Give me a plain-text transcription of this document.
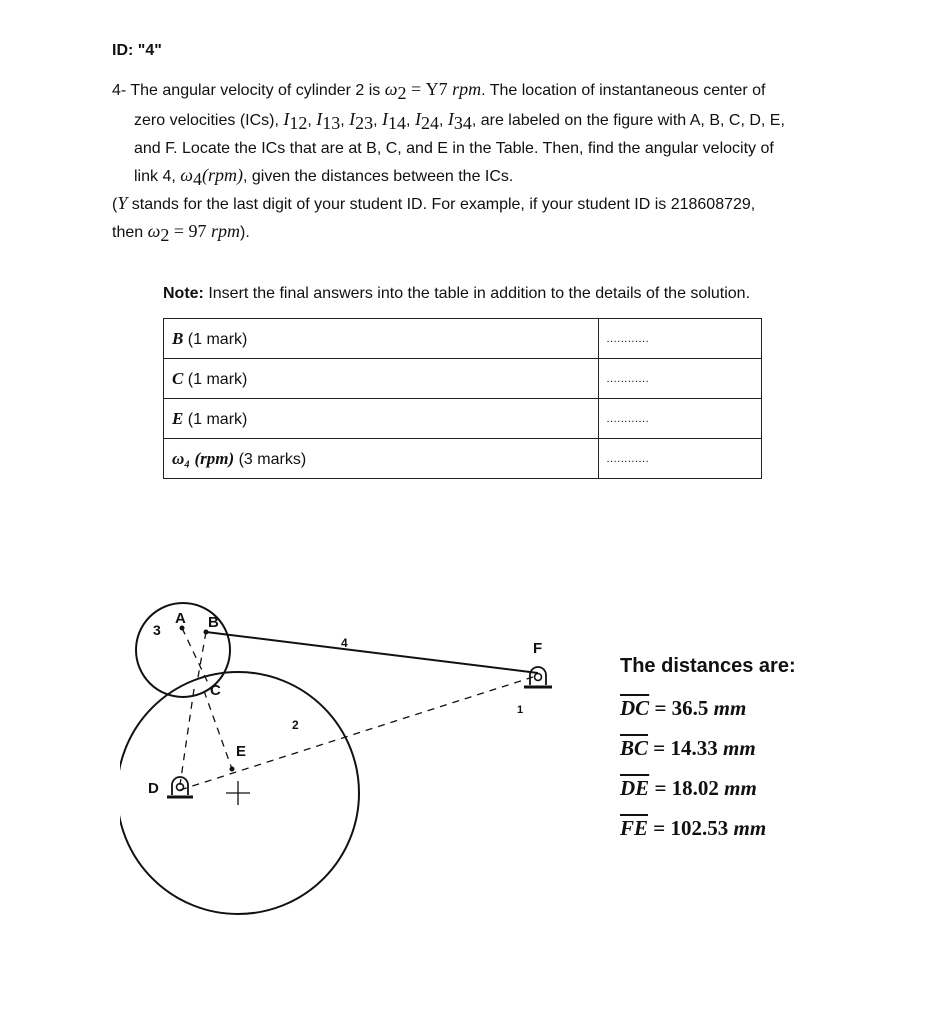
ID: "4"
4- The angular velocity of cylinder 2 is $\omega_2 = Y7$ rpm. The location of instantaneous center of
zero velocities (ICs), $I_{12}$, $I_{13}$, $I_{23}$, $I_{14}$, $I_{24}$, $I_{34}$, are labeled on the figure with A, B, C, D, E,
and F. Locate the ICs that are at B, C, and E in the Table. Then, find the angular velocity of
link 4, $\omega_4(rpm)$, given the distances between the ICs.
(Y stands for the last digit of your student ID. For example, if your student ID is 218608729,
then $\omega_2 = 97$ rpm).
Note: Insert the final answers into the table in addition to the details of the solution.
B (1 mark)	............
C (1 mark)	............
E (1 mark)	............
ω₄ (rpm) (3 marks)	............
3
A B
C
4	F
1
2
E
D
The distances are:
$\overline{DC} = 36.5$ mm
$\overline{BC} = 14.33$ mm
$\overline{DE} = 18.02$ mm
$\overline{FE} = 102.53$ mm
